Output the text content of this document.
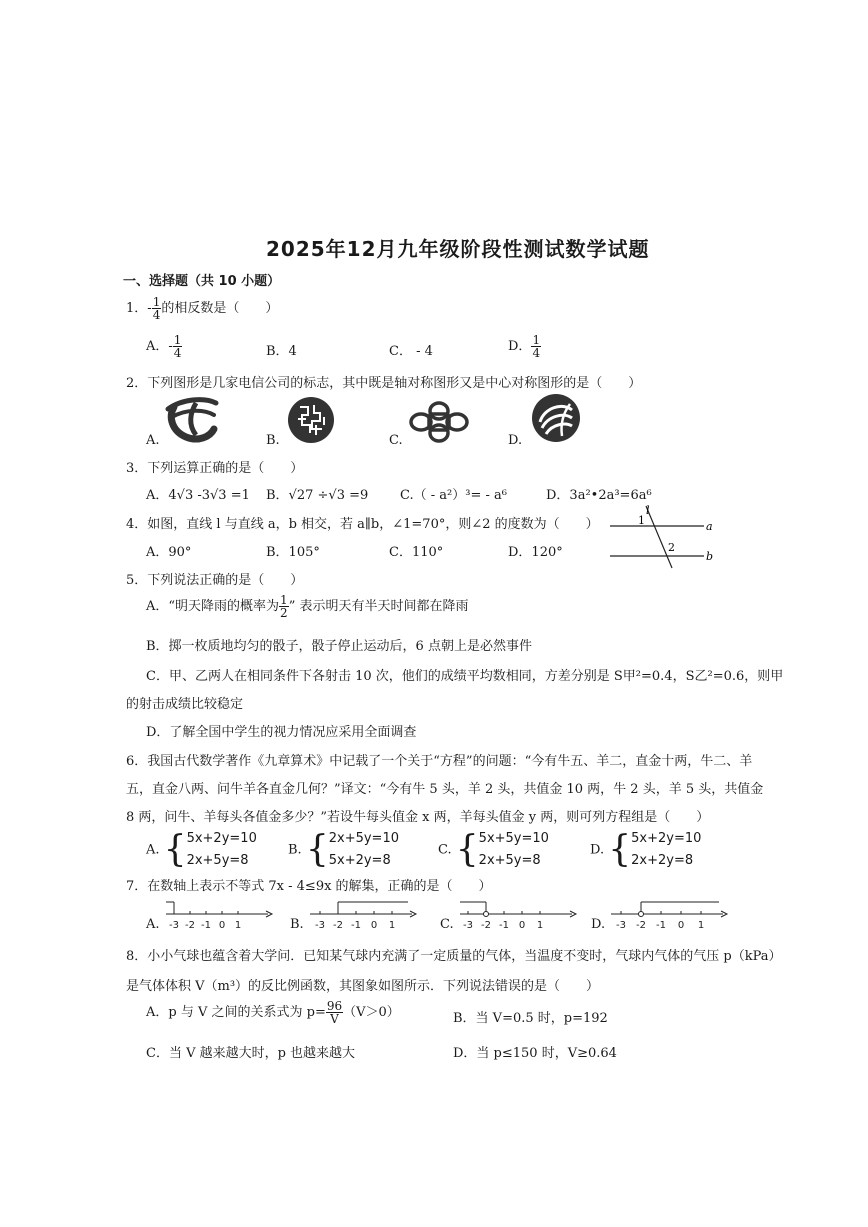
2025年12月九年级阶段性测试数学试题
一、选择题（共 10 小题）
1．- $\frac{1}{4}$ 的相反数是（　　）
A．- $\frac{1}{4}$	B．4	C． - 4	D． $\frac{1}{4}$
2．下列图形是几家电信公司的标志，其中既是轴对称图形又是中心对称图形的是（　　）
A.	B.	C.	D.
3．下列运算正确的是（　　）
A．4√3 -3√3 =1 B．√27 ÷√3 =9 C.（ - a²）³= - a⁶	D．3a²•2a³=6a⁶
4．如图，直线 l 与直线 a，b 相交，若 a∥b，∠1=70°，则∠2 的度数为（　　）
A．90°	B．105°	C．110°	D．120°
l
1
2
a
b
5．下列说法正确的是（　　）
A．“明天降雨的概率为 $\frac{1}{2}$ ” 表示明天有半天时间都在降雨
B．掷一枚质地均匀的骰子，骰子停止运动后，6 点朝上是必然事件
C．甲、乙两人在相同条件下各射击 10 次，他们的成绩平均数相同，方差分别是 S甲²=0.4，S乙²=0.6，则甲
的射击成绩比较稳定
D．了解全国中学生的视力情况应采用全面调查
6．我国古代数学著作《九章算术》中记载了一个关于“方程”的问题：“今有牛五、羊二，直金十两，牛二、羊
五，直金八两、问牛羊各直金几何？”译文：“今有牛 5 头，羊 2 头，共值金 10 两，牛 2 头，羊 5 头，共值金
8 两，问牛、羊每头各值金多少？”若设牛每头值金 x 两，羊每头值金 y 两，则可列方程组是（　　）
A. {5x+2y=10
2x+5y=8
B. {2x+5y=10
5x+2y=8
C. {5x+5y=10
2x+5y=8
D. {5x+2y=10
2x+2y=8
7．在数轴上表示不等式 7x - 4≤9x 的解集，正确的是（　　）
A.	B.	C.	D.
-3 -2 -1 0 1	-3 -2 -1 0 1	-3 -2 -1 0 1	-3 -2 -1 0 1
8．小小气球也蕴含着大学问．已知某气球内充满了一定质量的气体，当温度不变时，气球内气体的气压 p（kPa）
是气体体积 V（m³）的反比例函数，其图象如图所示．下列说法错误的是（　　）
A．p 与 V 之间的关系式为 $p= \frac{96}{V} (V>0)$	B．当 V=0.5 时，p=192
C．当 V 越来越大时，p 也越来越大	D．当 p≤150 时，V≥0.64
